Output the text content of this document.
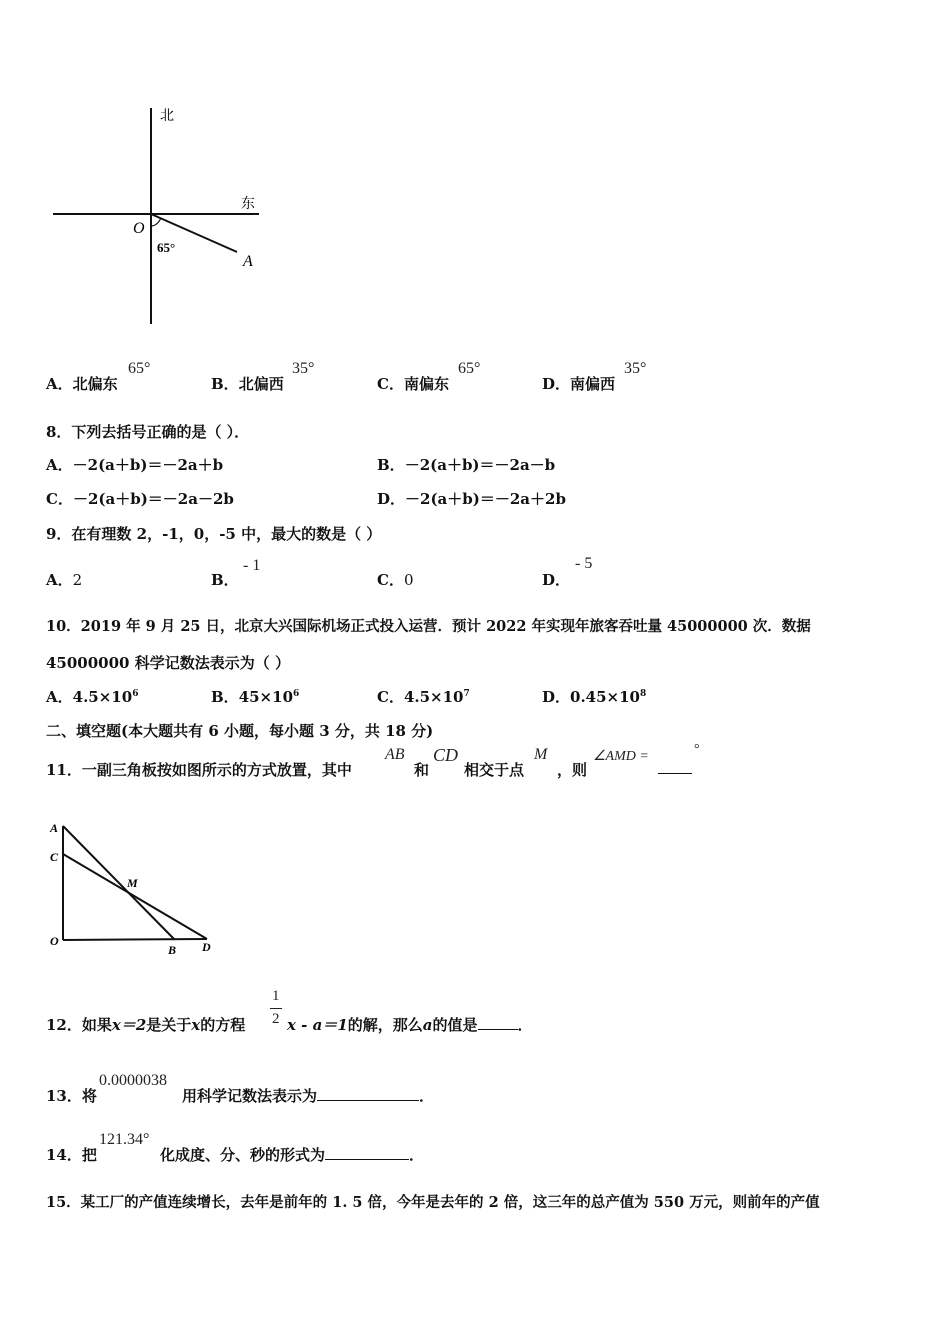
北
东
O
65°
A
A．北偏东
65°
B．北偏西
35°
C．南偏东
65°
D．南偏西
35°
8．下列去括号正确的是（ ）．
A．－2(a＋b)＝－2a＋b	B．－2(a＋b)＝－2a－b
C．－2(a＋b)＝－2a－2b	D．－2(a＋b)＝－2a＋2b
9．在有理数 2，-1，0，-5 中，最大的数是（ ）
A．2	B．
- 1
C．0	D．
- 5
10．2019 年 9 月 25 日，北京大兴国际机场正式投入运营．预计 2022 年实现年旅客吞吐量 45000000 次．数据
45000000 科学记数法表示为（ ）
A．$4.5\times 10^6$	B．$45\times 10^6$	C．$4.5\times 10^7$	D．$0.45\times 10^8$
二、填空题(本大题共有 6 小题，每小题 3 分，共 18 分)
11．一副三角板按如图所示的方式放置，其中
AB
和
CD
相交于点
M
，则
∠AMD =	°
A
C
M
O
B D
12．如果x＝2是关于x的方程
1
2 x - a＝1的解，那么a的值是	．
13．将
0.0000038
用科学记数法表示为	．
14．把
121.34°
化成度、分、秒的形式为	．
15．某工厂的产值连续增长，去年是前年的 1. 5 倍，今年是去年的 2 倍，这三年的总产值为 550 万元，则前年的产值
